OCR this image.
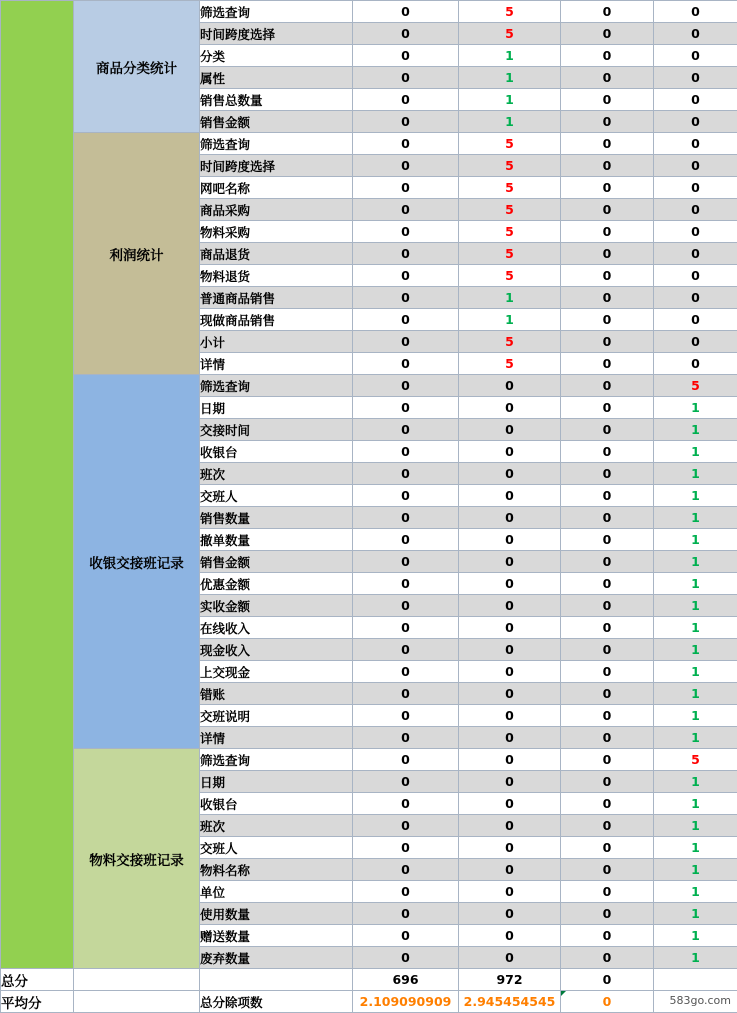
	商品分类统计	筛选查询	0	5	0	0
		时间跨度选择	0	5	0	0
		分类	0	1	0	0
		属性	0	1	0	0
		销售总数量	0	1	0	0
		销售金额	0	1	0	0
	利润统计	筛选查询	0	5	0	0
		时间跨度选择	0	5	0	0
		网吧名称	0	5	0	0
		商品采购	0	5	0	0
		物料采购	0	5	0	0
		商品退货	0	5	0	0
		物料退货	0	5	0	0
		普通商品销售	0	1	0	0
		现做商品销售	0	1	0	0
		小计	0	5	0	0
		详情	0	5	0	0
	收银交接班记录	筛选查询	0	0	0	5
		日期	0	0	0	1
		交接时间	0	0	0	1
		收银台	0	0	0	1
		班次	0	0	0	1
		交班人	0	0	0	1
		销售数量	0	0	0	1
		撤单数量	0	0	0	1
		销售金额	0	0	0	1
		优惠金额	0	0	0	1
		实收金额	0	0	0	1
		在线收入	0	0	0	1
		现金收入	0	0	0	1
		上交现金	0	0	0	1
		错账	0	0	0	1
		交班说明	0	0	0	1
		详情	0	0	0	1
	物料交接班记录	筛选查询	0	0	0	5
		日期	0	0	0	1
		收银台	0	0	0	1
		班次	0	0	0	1
		交班人	0	0	0	1
		物料名称	0	0	0	1
		单位	0	0	0	1
		使用数量	0	0	0	1
		赠送数量	0	0	0	1
		废弃数量	0	0	0	1
总分			696	972	0	
平均分		总分除项数	2.109090909	2.945454545	0	583go.com
